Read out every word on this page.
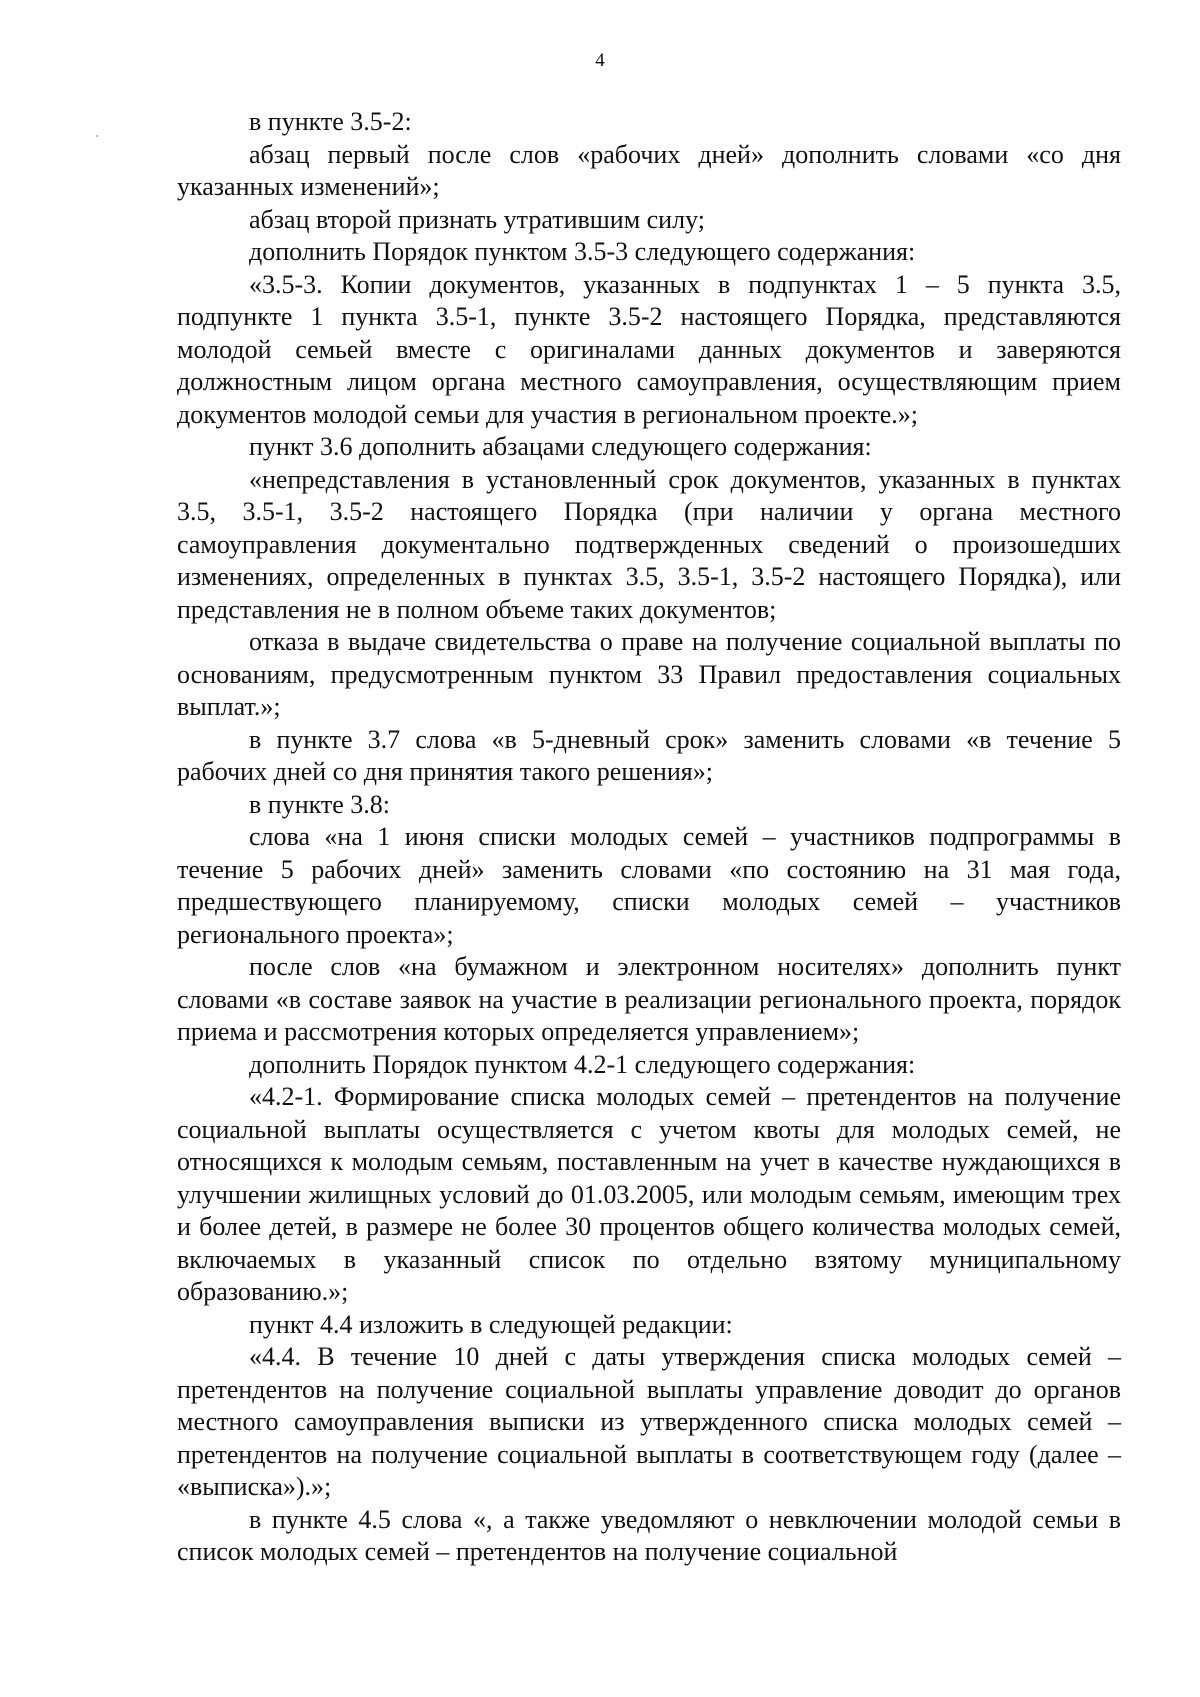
4

в пункте 3.5-2:

абзац первый после слов «рабочих дней» дополнить словами «со дня указанных изменений»;

абзац второй признать утратившим силу;

дополнить Порядок пунктом 3.5-3 следующего содержания:

«3.5-3. Копии документов, указанных в подпунктах 1 – 5 пункта 3.5, подпункте 1 пункта 3.5-1, пункте 3.5-2 настоящего Порядка, представляются молодой семьей вместе с оригиналами данных документов и заверяются должностным лицом органа местного самоуправления, осуществляющим прием документов молодой семьи для участия в региональном проекте.»;

пункт 3.6 дополнить абзацами следующего содержания:

«непредставления в установленный срок документов, указанных в пунктах 3.5, 3.5-1, 3.5-2 настоящего Порядка (при наличии у органа местного самоуправления документально подтвержденных сведений о произошедших изменениях, определенных в пунктах 3.5, 3.5-1, 3.5-2 настоящего Порядка), или представления не в полном объеме таких документов;

отказа в выдаче свидетельства о праве на получение социальной выплаты по основаниям, предусмотренным пунктом 33 Правил предоставления социальных выплат.»;

в пункте 3.7 слова «в 5-дневный срок» заменить словами «в течение 5 рабочих дней со дня принятия такого решения»;

в пункте 3.8:

слова «на 1 июня списки молодых семей – участников подпрограммы в течение 5 рабочих дней» заменить словами «по состоянию на 31 мая года, предшествующего планируемому, списки молодых семей – участников регионального проекта»;

после слов «на бумажном и электронном носителях» дополнить пункт словами «в составе заявок на участие в реализации регионального проекта, порядок приема и рассмотрения которых определяется управлением»;

дополнить Порядок пунктом 4.2-1 следующего содержания:

«4.2-1. Формирование списка молодых семей – претендентов на получение социальной выплаты осуществляется с учетом квоты для молодых семей, не относящихся к молодым семьям, поставленным на учет в качестве нуждающихся в улучшении жилищных условий до 01.03.2005, или молодым семьям, имеющим трех и более детей, в размере не более 30 процентов общего количества молодых семей, включаемых в указанный список по отдельно взятому муниципальному образованию.»;

пункт 4.4 изложить в следующей редакции:

«4.4. В течение 10 дней с даты утверждения списка молодых семей – претендентов на получение социальной выплаты управление доводит до органов местного самоуправления выписки из утвержденного списка молодых семей – претендентов на получение социальной выплаты в соответствующем году (далее – «выписка»).»;

в пункте 4.5 слова «, а также уведомляют о невключении молодой семьи в список молодых семей – претендентов на получение социальной
